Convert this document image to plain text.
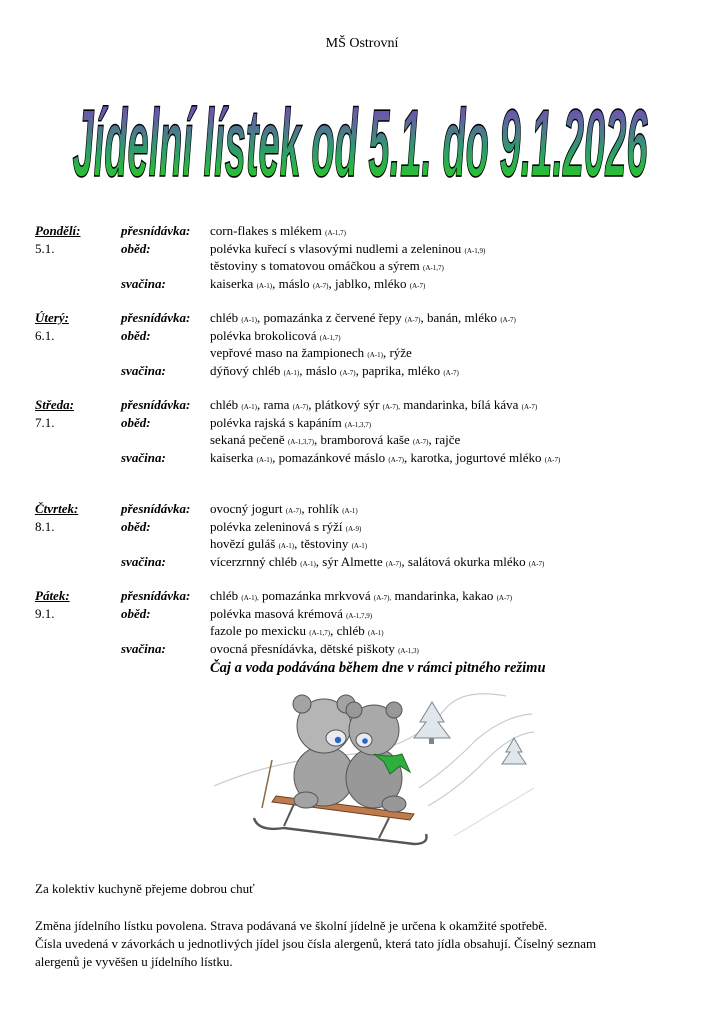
MŠ Ostrovní
Jídelní lístek od 5.1. do 9.1.2026
Pondělí:	přesnídávka: corn-flakes s mlékem (A-1,7)
5.1.	oběd:	polévka kuřecí s vlasovými nudlemi a zeleninou (A-1,9)
těstoviny s tomatovou omáčkou a sýrem (A-1,7)
svačina:	kaiserka (A-1), máslo (A-7), jablko, mléko (A-7)
Úterý:	přesnídávka: chléb (A-1), pomazánka z červené řepy (A-7), banán, mléko (A-7)
6.1.	oběd:	polévka brokolicová (A-1,7)
vepřové maso na žampionech (A-1), rýže
svačina:	dýňový chléb (A-1), máslo (A-7), paprika, mléko (A-7)
Středa:	přesnídávka: chléb (A-1), rama (A-7), plátkový sýr (A-7), mandarinka, bílá káva (A-7)
7.1.	oběd:	polévka rajská s kapáním (A-1,3,7)
sekaná pečeně (A-1,3,7), bramborová kaše (A-7), rajče
svačina:	kaiserka (A-1), pomazánkové máslo (A-7), karotka, jogurtové mléko (A-7)
Čtvrtek:	přesnídávka: ovocný jogurt (A-7), rohlík (A-1)
8.1.	oběd:	polévka zeleninová s rýží (A-9)
hovězí guláš (A-1), těstoviny (A-1)
svačina:	vícerzrnný chléb (A-1), sýr Almette (A-7), salátová okurka mléko (A-7)
Pátek:	přesnídávka: chléb (A-1), pomazánka mrkvová (A-7), mandarinka, kakao (A-7)
9.1.	oběd:	polévka masová krémová (A-1,7,9)
fazole po mexicku (A-1,7), chléb (A-1)
svačina:	ovocná přesnídávka, dětské piškoty (A-1,3)
Čaj a voda podávána během dne v rámci pitného režimu
Za kolektiv kuchyně přejeme dobrou chuť
Změna jídelního lístku povolena. Strava podávaná ve školní jídelně je určena k okamžité spotřebě.
Čísla uvedená v závorkách u jednotlivých jídel jsou čísla alergenů, která tato jídla obsahují. Číselný seznam
alergenů je vyvěšen u jídelního lístku.
